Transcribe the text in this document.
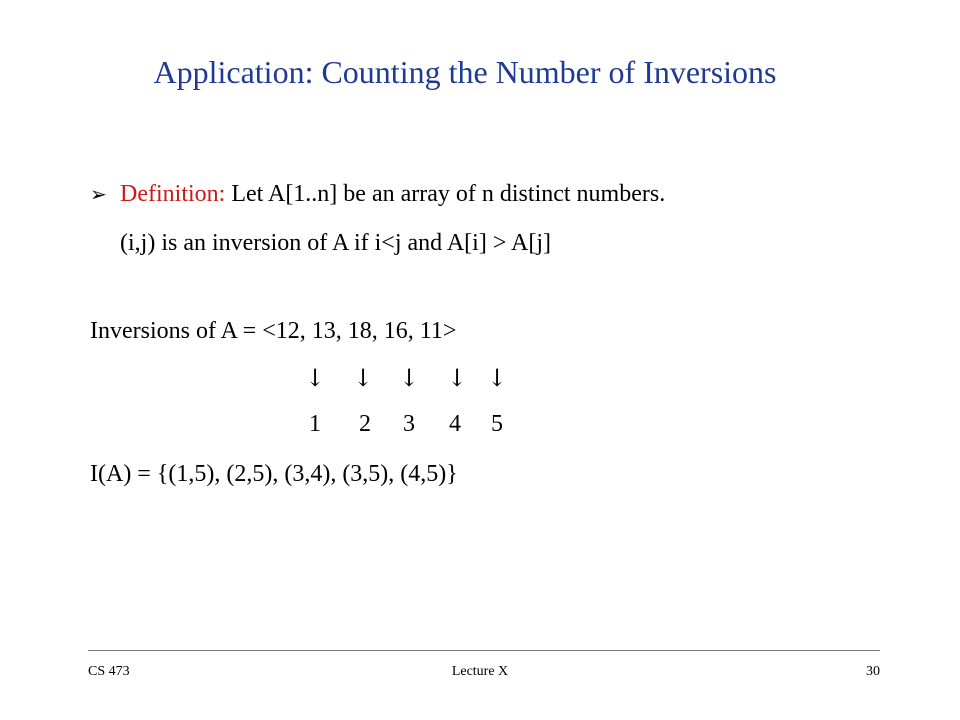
Application: Counting the Number of Inversions
➢ Definition: Let A[1..n] be an array of n distinct numbers.
(i,j) is an inversion of A if i<j and A[i] > A[j]
Inversions of A = <12, 13, 18, 16, 11>
↓ ↓ ↓ ↓ ↓
1	2	3	4	5
I(A) = {(1,5), (2,5), (3,4), (3,5), (4,5)}
CS 473	Lecture X	30
